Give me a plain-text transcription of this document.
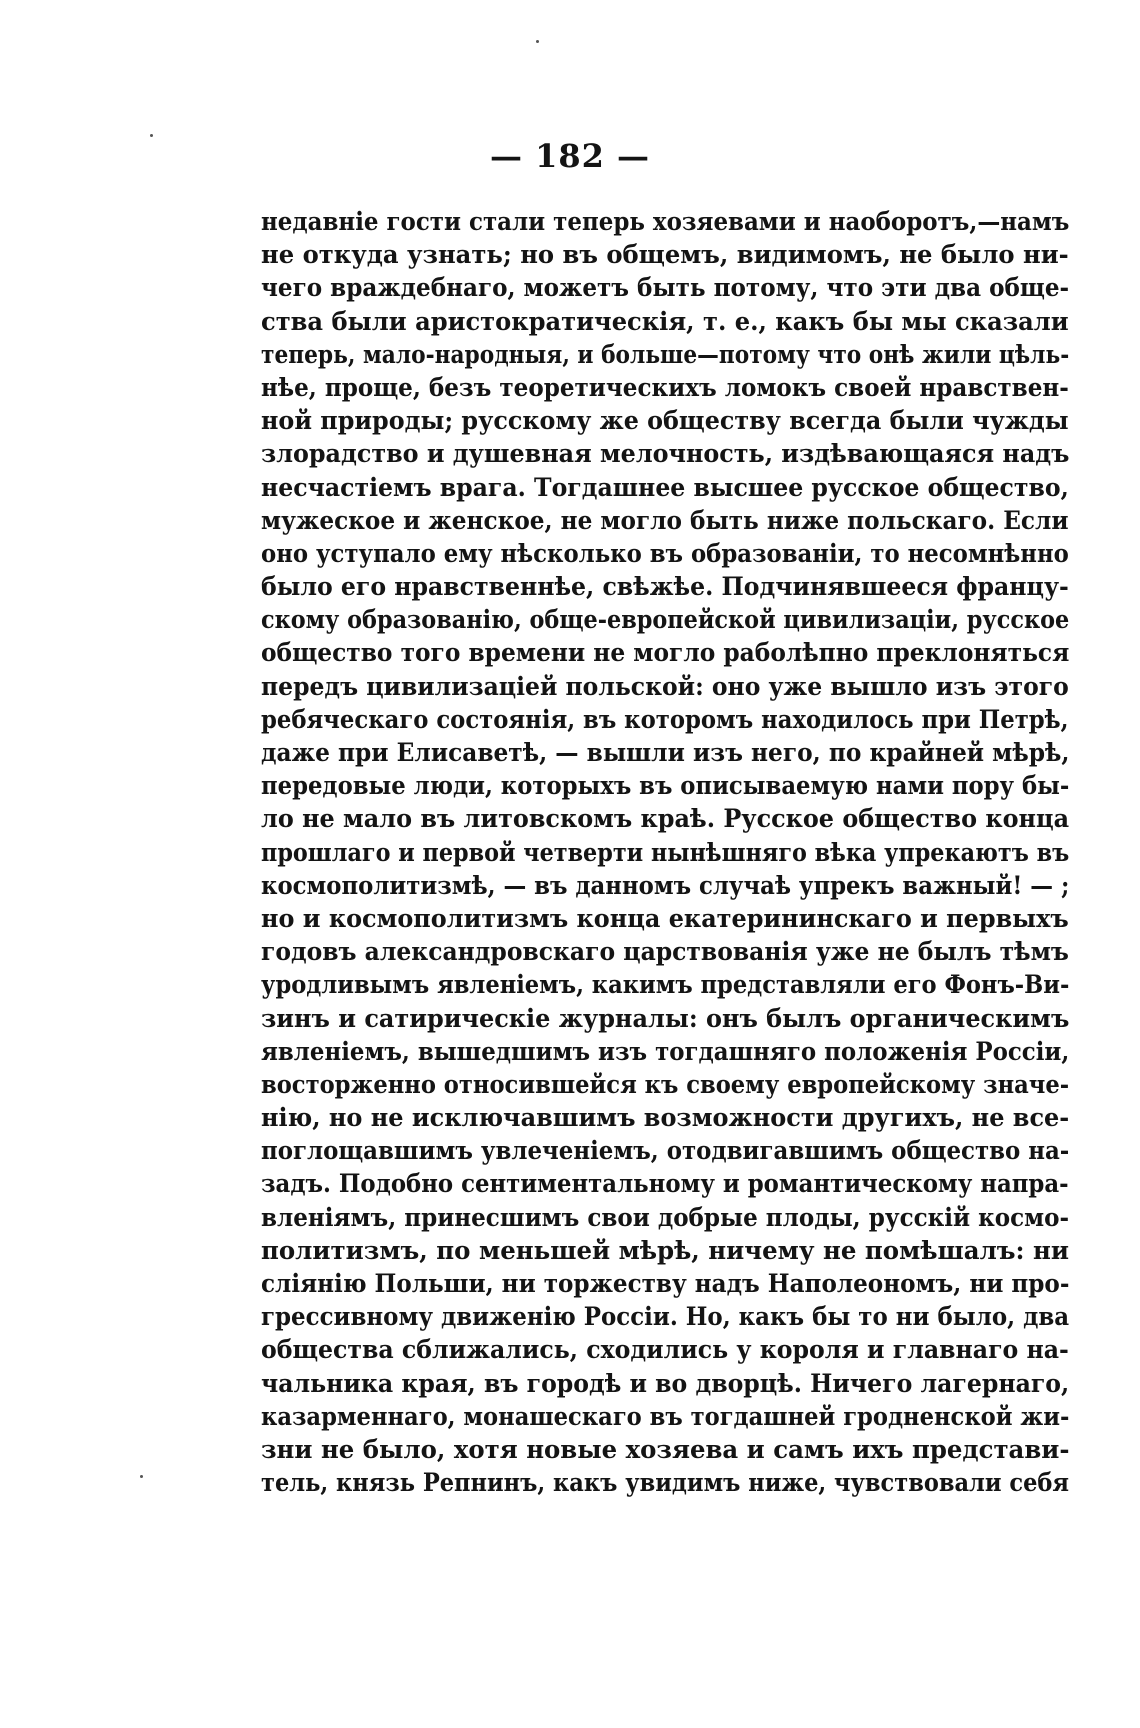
— 182 —
недавніе гости стали теперь хозяевами и наоборотъ,—намъ
не откуда узнать; но въ общемъ, видимомъ, не было ни-
чего враждебнаго, можетъ быть потому, что эти два обще-
ства были аристократическія, т. е., какъ бы мы сказали
теперь, мало-народныя, и больше—потому что онѣ жили цѣль-
нѣе, проще, безъ теоретическихъ ломокъ своей нравствен-
ной природы; русскому же обществу всегда были чужды
злорадство и душевная мелочность, издѣвающаяся надъ
несчастіемъ врага. Тогдашнее высшее русское общество,
мужеское и женское, не могло быть ниже польскаго. Если
оно уступало ему нѣсколько въ образованіи, то несомнѣнно
было его нравственнѣе, свѣжѣе. Подчинявшееся францу-
скому образованію, обще-европейской цивилизаціи, русское
общество того времени не могло раболѣпно преклоняться
передъ цивилизаціей польской: оно уже вышло изъ этого
ребяческаго состоянія, въ которомъ находилось при Петрѣ,
даже при Елисаветѣ, — вышли изъ него, по крайней мѣрѣ,
передовые люди, которыхъ въ описываемую нами пору бы-
ло не мало въ литовскомъ краѣ. Русское общество конца
прошлаго и первой четверти нынѣшняго вѣка упрекаютъ въ
космополитизмѣ, — въ данномъ случаѣ упрекъ важный! — ;
но и космополитизмъ конца екатерининскаго и первыхъ
годовъ александровскаго царствованія уже не былъ тѣмъ
уродливымъ явленіемъ, какимъ представляли его Фонъ-Ви-
зинъ и сатирическіе журналы: онъ былъ органическимъ
явленіемъ, вышедшимъ изъ тогдашняго положенія Россіи,
восторженно относившейся къ своему европейскому значе-
нію, но не исключавшимъ возможности другихъ, не все-
поглощавшимъ увлеченіемъ, отодвигавшимъ общество на-
задъ. Подобно сентиментальному и романтическому напра-
вленіямъ, принесшимъ свои добрые плоды, русскій космо-
политизмъ, по меньшей мѣрѣ, ничему не помѣшалъ: ни
сліянію Польши, ни торжеству надъ Наполеономъ, ни про-
грессивному движенію Россіи. Но, какъ бы то ни было, два
общества сближались, сходились у короля и главнаго на-
чальника края, въ городѣ и во дворцѣ. Ничего лагернаго,
казарменнаго, монашескаго въ тогдашней гродненской жи-
зни не было, хотя новые хозяева и самъ ихъ представи-
тель, князь Репнинъ, какъ увидимъ ниже, чувствовали себя
